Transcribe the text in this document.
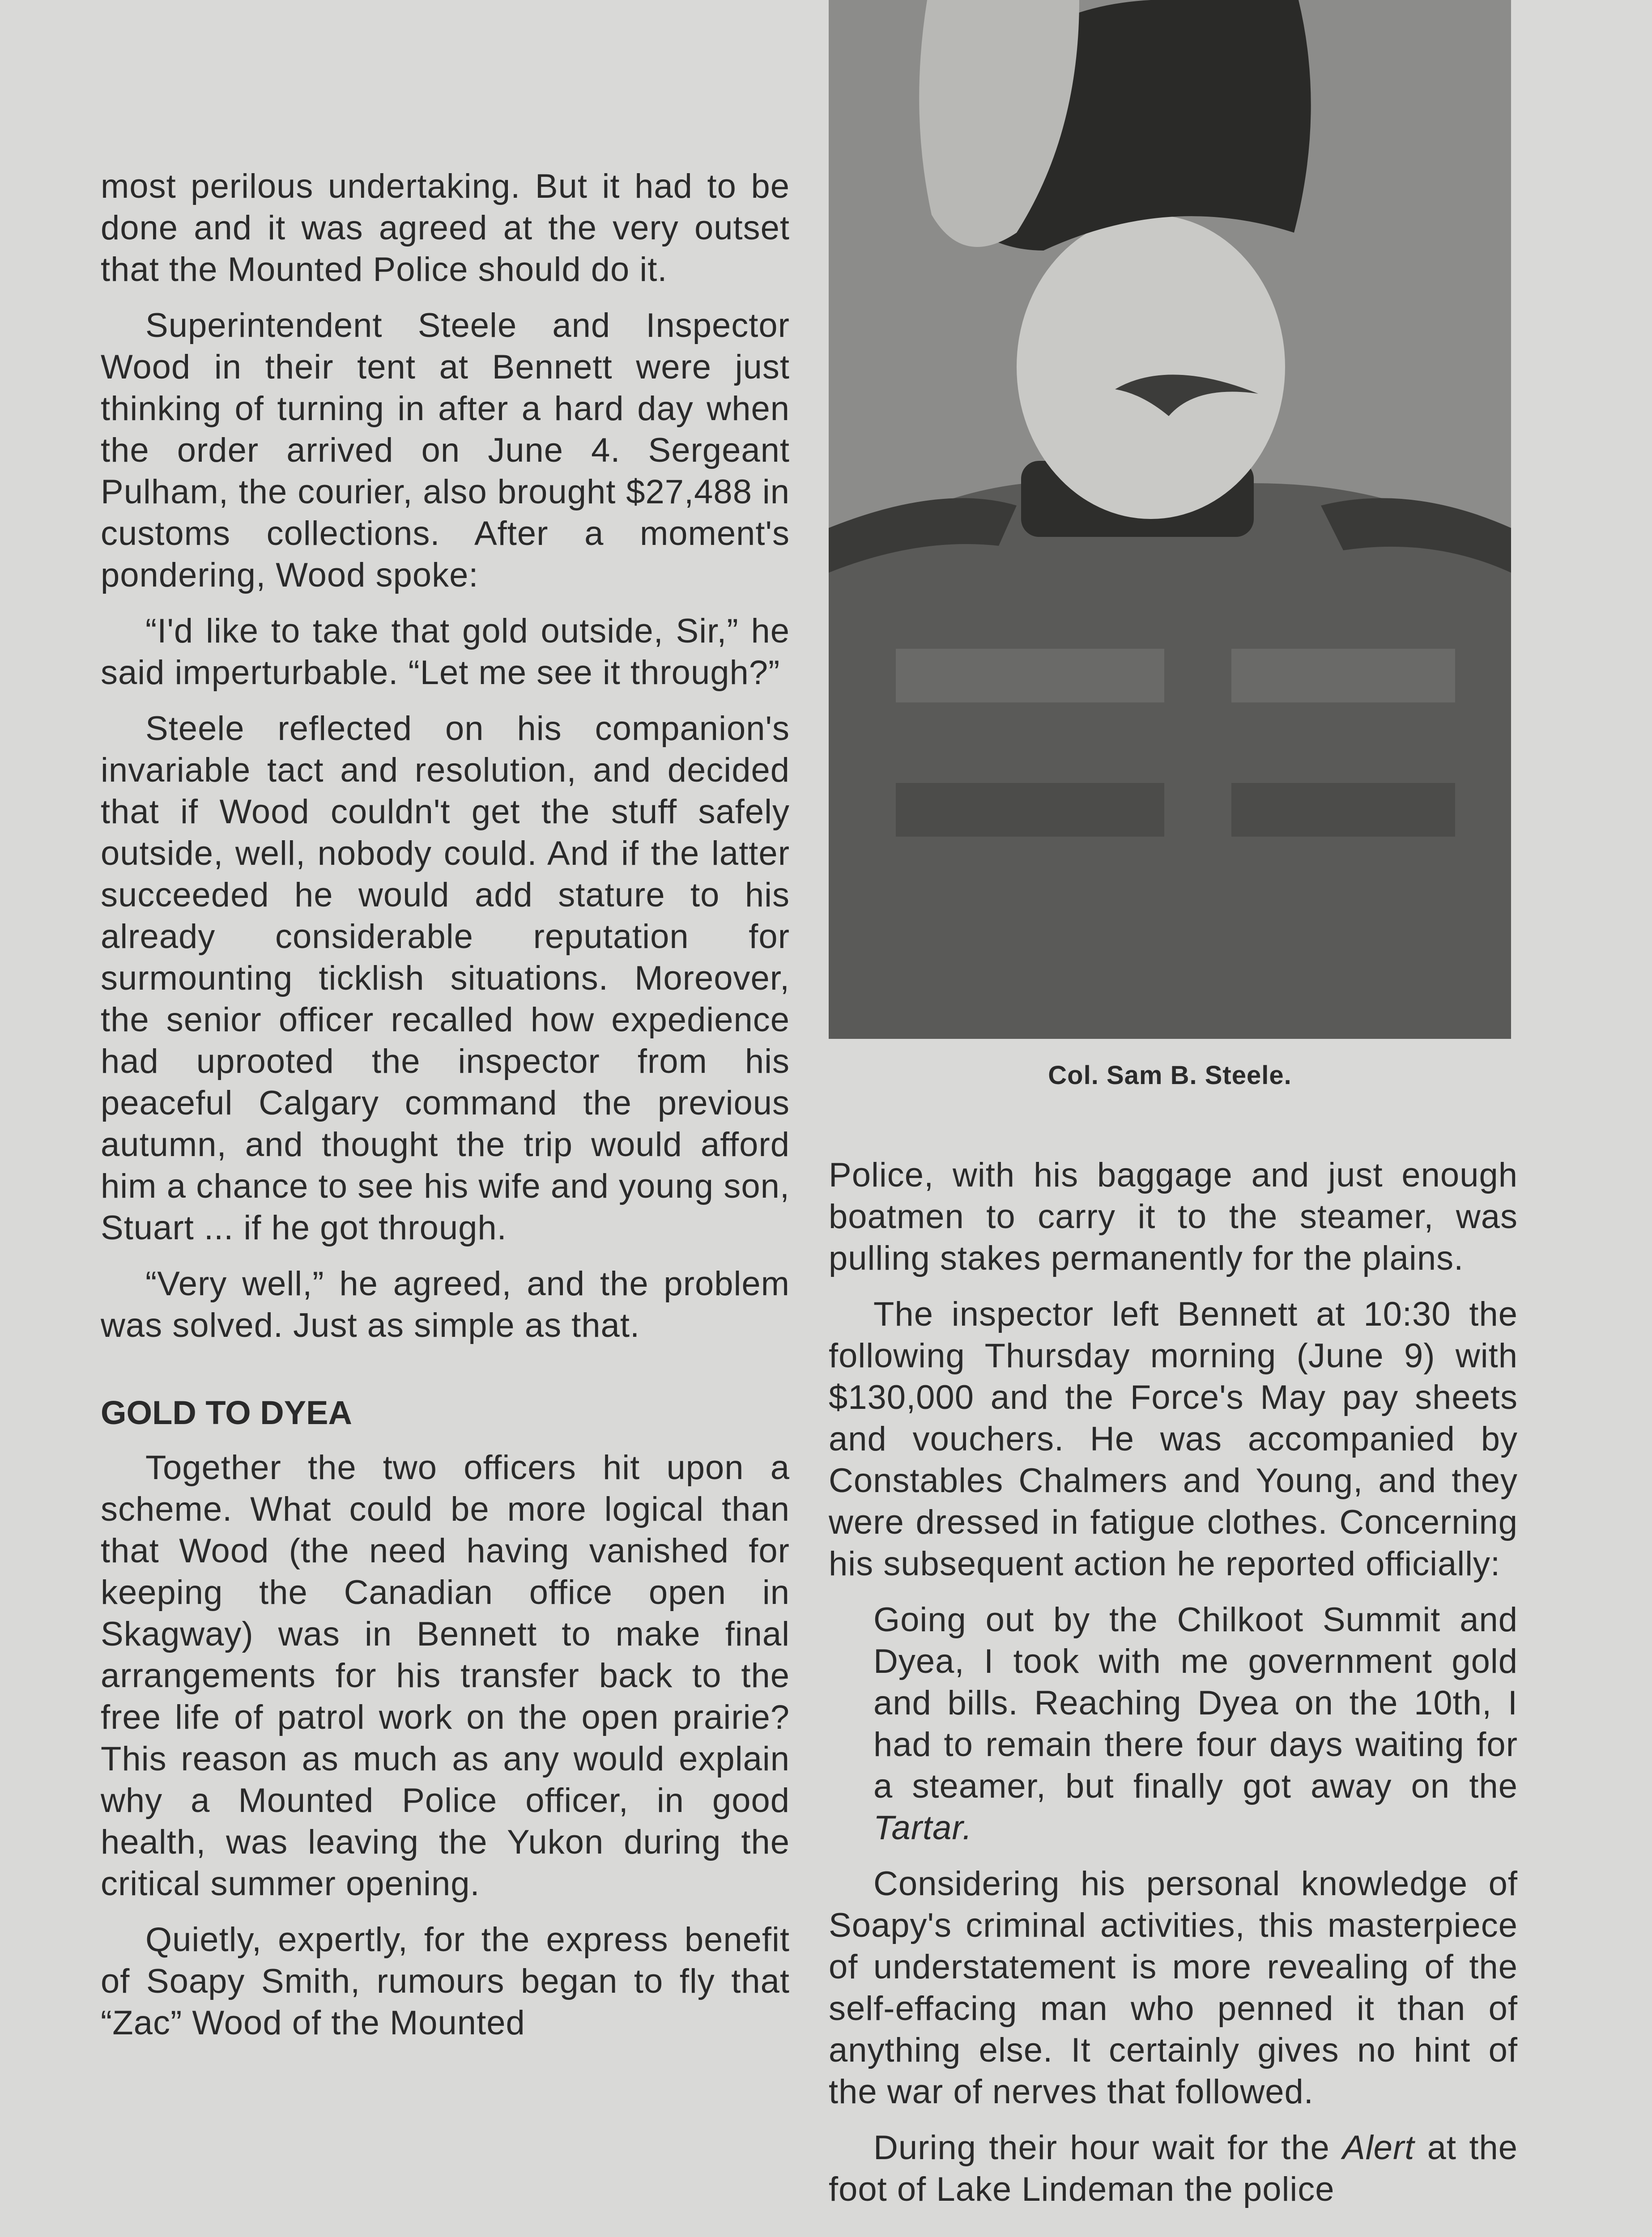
most perilous undertaking. But it had to be done and it was agreed at the very outset that the Mounted Police should do it.

Superintendent Steele and Inspector Wood in their tent at Bennett were just thinking of turning in after a hard day when the order arrived on June 4. Sergeant Pulham, the courier, also brought $27,488 in customs collections. After a moment's pondering, Wood spoke:

“I'd like to take that gold outside, Sir,” he said imperturbable. “Let me see it through?”

Steele reflected on his companion's invariable tact and resolution, and decided that if Wood couldn't get the stuff safely outside, well, nobody could. And if the latter succeeded he would add stature to his already considerable reputation for surmounting ticklish situations. Moreover, the senior officer recalled how expedience had uprooted the inspector from his peaceful Calgary command the previous autumn, and thought the trip would afford him a chance to see his wife and young son, Stuart ... if he got through.

“Very well,” he agreed, and the problem was solved. Just as simple as that.

GOLD TO DYEA

Together the two officers hit upon a scheme. What could be more logical than that Wood (the need having vanished for keeping the Canadian office open in Skagway) was in Bennett to make final arrangements for his transfer back to the free life of patrol work on the open prairie? This reason as much as any would explain why a Mounted Police officer, in good health, was leaving the Yukon during the critical summer opening.

Quietly, expertly, for the express benefit of Soapy Smith, rumours began to fly that “Zac” Wood of the Mounted

Col. Sam B. Steele.

Police, with his baggage and just enough boatmen to carry it to the steamer, was pulling stakes permanently for the plains.

The inspector left Bennett at 10:30 the following Thursday morning (June 9) with $130,000 and the Force's May pay sheets and vouchers. He was accompanied by Constables Chalmers and Young, and they were dressed in fatigue clothes. Concerning his subsequent action he reported officially:

Going out by the Chilkoot Summit and Dyea, I took with me government gold and bills. Reaching Dyea on the 10th, I had to remain there four days waiting for a steamer, but finally got away on the Tartar.

Considering his personal knowledge of Soapy's criminal activities, this masterpiece of understatement is more revealing of the self-effacing man who penned it than of anything else. It certainly gives no hint of the war of nerves that followed.

During their hour wait for the Alert at the foot of Lake Lindeman the police
